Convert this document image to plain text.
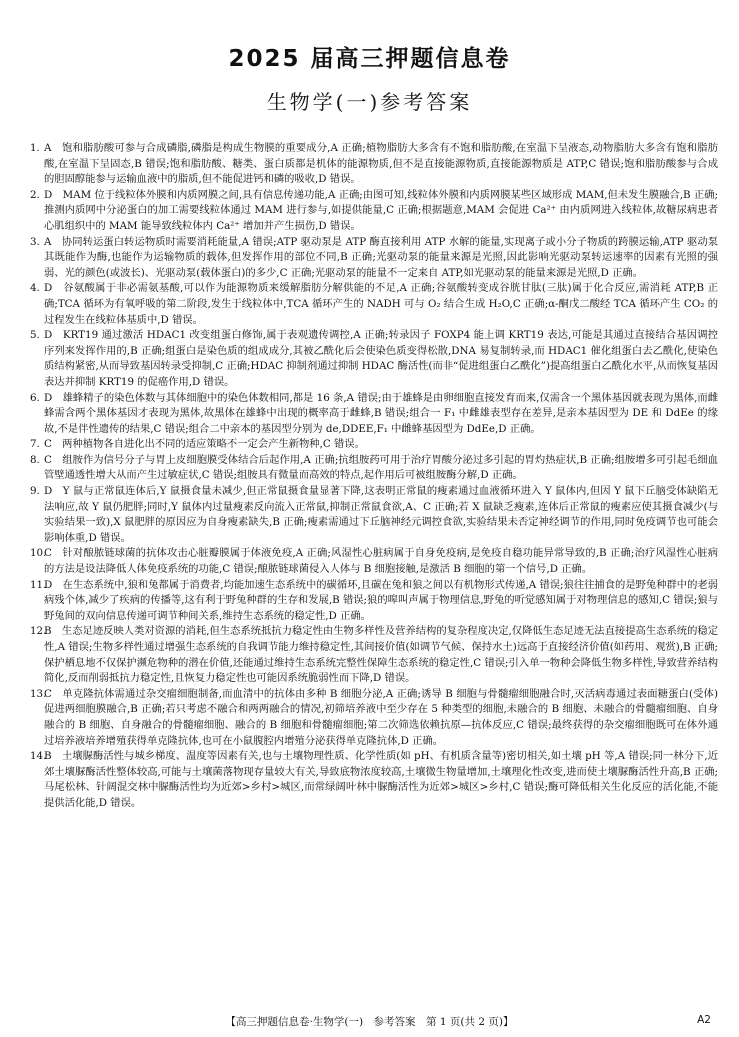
2025 届高三押题信息卷
生物学(一)参考答案
1. A　饱和脂肪酸可参与合成磷脂,磷脂是构成生物膜的重要成分,A 正确;植物脂肪大多含有不饱和脂肪酸,在室温下呈液态,动物脂肪大多含有饱和脂肪酸,在室温下呈固态,B 错误;饱和脂肪酸、糖类、蛋白质都是机体的能源物质,但不是直接能源物质,直接能源物质是 ATP,C 错误;饱和脂肪酸参与合成的胆固醇能参与运输血液中的脂质,但不能促进钙和磷的吸收,D 错误。
2. D　MAM 位于线粒体外膜和内质网膜之间,具有信息传递功能,A 正确;由图可知,线粒体外膜和内质网膜某些区域形成 MAM,但未发生膜融合,B 正确;推测内质网中分泌蛋白的加工需要线粒体通过 MAM 进行参与,如提供能量,C 正确;根据题意,MAM 会促进 Ca²⁺ 由内质网进入线粒体,故糖尿病患者心肌组织中的 MAM 能导致线粒体内 Ca²⁺ 增加并产生损伤,D 错误。
3. A　协同转运蛋白转运物质时需要消耗能量,A 错误;ATP 驱动泵是 ATP 酶直接利用 ATP 水解的能量,实现离子或小分子物质的跨膜运输,ATP 驱动泵其既能作为酶,也能作为运输物质的载体,但发挥作用的部位不同,B 正确;光驱动泵的能量来源是光照,因此影响光驱动泵转运速率的因素有光照的强弱、光的颜色(或波长)、光驱动泵(载体蛋白)的多少,C 正确;光驱动泵的能量不一定来自 ATP,如光驱动泵的能量来源是光照,D 正确。
4. D　谷氨酸属于非必需氨基酸,可以作为能源物质来缓解脂肪分解供能的不足,A 正确;谷氨酸转变成谷胱甘肽(三肽)属于化合反应,需消耗 ATP,B 正确;TCA 循环为有氧呼吸的第二阶段,发生于线粒体中,TCA 循环产生的 NADH 可与 O₂ 结合生成 H₂O,C 正确;α-酮戊二酸经 TCA 循环产生 CO₂ 的过程发生在线粒体基质中,D 错误。
5. D　KRT19 通过激活 HDAC1 改变组蛋白修饰,属于表观遗传调控,A 正确;转录因子 FOXP4 能上调 KRT19 表达,可能是其通过直接结合基因调控序列来发挥作用的,B 正确;组蛋白是染色质的组成成分,其被乙酰化后会使染色质变得松散,DNA 易复制转录,而 HDAC1 催化组蛋白去乙酰化,使染色质结构紧密,从而导致基因转录受抑制,C 正确;HDAC 抑制剂通过抑制 HDAC 酶活性(而非“促进组蛋白乙酰化”)提高组蛋白乙酰化水平,从而恢复基因表达并抑制 KRT19 的促癌作用,D 错误。
6. D　雄蜂精子的染色体数与其体细胞中的染色体数相同,都是 16 条,A 错误;由于雄蜂是由卵细胞直接发育而来,仅需含一个黑体基因就表现为黑体,而雌蜂需含两个黑体基因才表现为黑体,故黑体在雄蜂中出现的概率高于雌蜂,B 错误;组合一 F₁ 中雌雄表型存在差异,是亲本基因型为 DE 和 DdEe 的缘故,不是伴性遗传的结果,C 错误;组合二中亲本的基因型分别为 de,DDEE,F₁ 中雌蜂基因型为 DdEe,D 正确。
7. C　两种植物各自进化出不同的适应策略不一定会产生新物种,C 错误。
8. C　组胺作为信号分子与胃上皮细胞膜受体结合后起作用,A 正确;抗组胺药可用于治疗胃酸分泌过多引起的胃灼热症状,B 正确;组胺增多可引起毛细血管壁通透性增大从而产生过敏症状,C 错误;组胺具有微量而高效的特点,起作用后可被组胺酶分解,D 正确。
9. D　Y 鼠与正常鼠连体后,Y 鼠摄食量未减少,但正常鼠摄食量显著下降,这表明正常鼠的瘦素通过血液循环进入 Y 鼠体内,但因 Y 鼠下丘脑受体缺陷无法响应,故 Y 鼠仍肥胖;同时,Y 鼠体内过量瘦素反向流入正常鼠,抑制正常鼠食欲,A、C 正确;若 X 鼠缺乏瘦素,连体后正常鼠的瘦素应使其摄食减少(与实验结果一致),X 鼠肥胖的原因应为自身瘦素缺失,B 正确;瘦素需通过下丘脑神经元调控食欲,实验结果未否定神经调节的作用,同时免疫调节也可能会影响体重,D 错误。
10.C　针对酿脓链球菌的抗体攻击心脏瓣膜属于体液免疫,A 正确;风湿性心脏病属于自身免疫病,是免疫自稳功能异常导致的,B 正确;治疗风湿性心脏病的方法是设法降低人体免疫系统的功能,C 错误;酿脓链球菌侵入人体与 B 细胞接触,是激活 B 细胞的第一个信号,D 正确。
11.D　在生态系统中,狼和兔都属于消费者,均能加速生态系统中的碳循环,且碳在兔和狼之间以有机物形式传递,A 错误;狼往往捕食的是野兔种群中的老弱病残个体,减少了疾病的传播等,这有利于野兔种群的生存和发展,B 错误;狼的嗥叫声属于物理信息,野兔的听觉感知属于对物理信息的感知,C 错误;狼与野兔间的双向信息传递可调节种间关系,维持生态系统的稳定性,D 正确。
12.B　生态足迹反映人类对资源的消耗,但生态系统抵抗力稳定性由生物多样性及营养结构的复杂程度决定,仅降低生态足迹无法直接提高生态系统的稳定性,A 错误;生物多样性通过增强生态系统的自我调节能力维持稳定性,其间接价值(如调节气候、保持水土)远高于直接经济价值(如药用、观赏),B 正确;保护栖息地不仅保护濒危物种的潜在价值,还能通过维持生态系统完整性保障生态系统的稳定性,C 错误;引入单一物种会降低生物多样性,导致营养结构简化,反而削弱抵抗力稳定性,且恢复力稳定性也可能因系统脆弱性而下降,D 错误。
13.C　单克隆抗体需通过杂交瘤细胞制备,而血清中的抗体由多种 B 细胞分泌,A 正确;诱导 B 细胞与骨髓瘤细胞融合时,灭活病毒通过表面糖蛋白(受体)促进两细胞膜融合,B 正确;若只考虑不融合和两两融合的情况,初筛培养液中至少存在 5 种类型的细胞,未融合的 B 细胞、未融合的骨髓瘤细胞、自身融合的 B 细胞、自身融合的骨髓瘤细胞、融合的 B 细胞和骨髓瘤细胞;第二次筛选依赖抗原—抗体反应,C 错误;最终获得的杂交瘤细胞既可在体外通过培养液培养增殖获得单克隆抗体,也可在小鼠腹腔内增殖分泌获得单克隆抗体,D 正确。
14.B　土壤脲酶活性与城乡梯度、温度等因素有关,也与土壤物理性质、化学性质(如 pH、有机质含量等)密切相关,如土壤 pH 等,A 错误;同一林分下,近郊土壤脲酶活性整体较高,可能与土壤菌落物现存量较大有关,导致底物浓度较高,土壤微生物量增加,土壤理化性改变,进而使土壤脲酶活性升高,B 正确;马尾松林、针阔混交林中脲酶活性均为近郊>乡村>城区,而常绿阔叶林中脲酶活性为近郊>城区>乡村,C 错误;酶可降低相关生化反应的活化能,不能提供活化能,D 错误。
【高三押题信息卷·生物学(一)　参考答案　第 1 页(共 2 页)】	A2
